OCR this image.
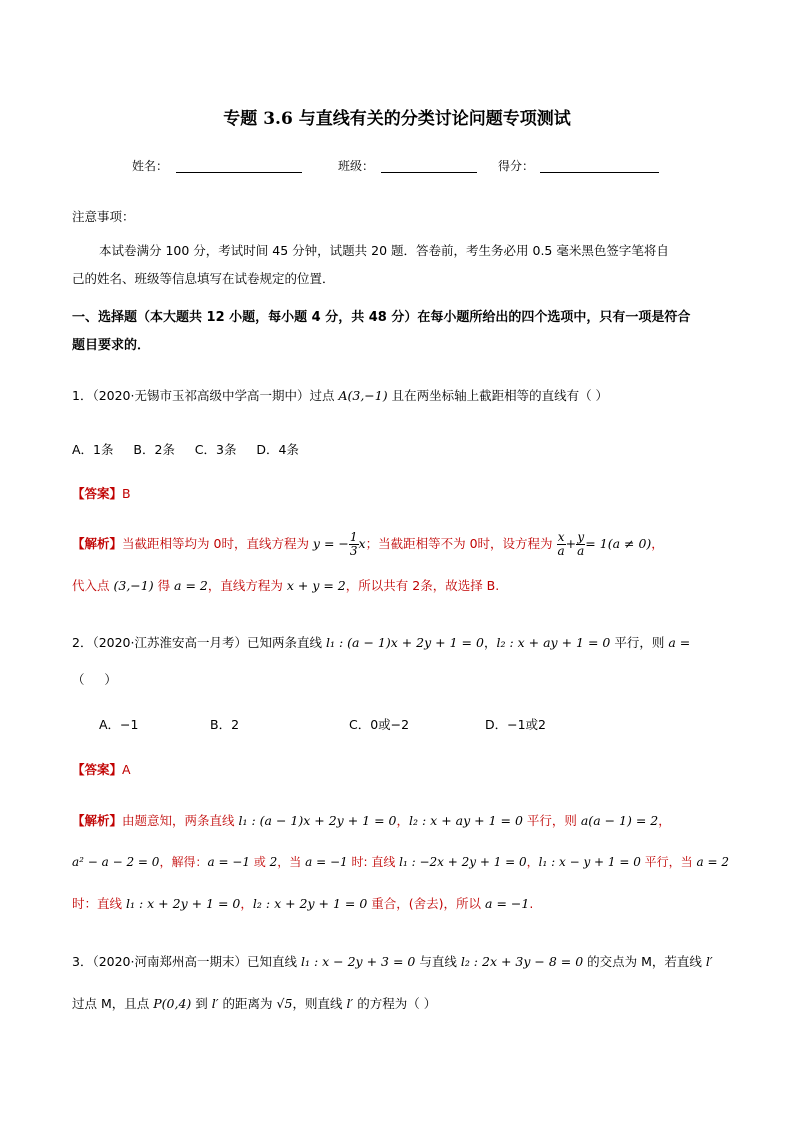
专题 3.6 与直线有关的分类讨论问题专项测试
姓名：	班级：	得分：
注意事项：
本试卷满分 100 分，考试时间 45 分钟，试题共 20 题．答卷前，考生务必用 0.5 毫米黑色签字笔将自
己的姓名、班级等信息填写在试卷规定的位置．
一、选择题（本大题共 12 小题，每小题 4 分，共 48 分）在每小题所给出的四个选项中，只有一项是符合
题目要求的．
1．（2020·无锡市玉祁高级中学高一期中）过点 A(3,−1) 且在两坐标轴上截距相等的直线有（ ）
A．1条     B．2条     C．3条     D．4条
【答案】B
【解析】当截距相等均为 0时，直线方程为 y = − $\frac{1}{3}$ x；当截距相等不为 0时，设方程为 $\frac{x}{a} + \frac{y}{a} = 1(a \ne 0)$，
代入点 (3,−1) 得 a = 2，直线方程为 x + y = 2，所以共有 2条，故选择 B.
2．（2020·江苏淮安高一月考）已知两条直线 l₁ : (a − 1)x + 2y + 1 = 0，l₂ : x + ay + 1 = 0 平行，则 a =
（     ）
A．−1	B．2	C．0或−2	D．−1或2
【答案】A
【解析】由题意知，两条直线 l₁ : (a − 1)x + 2y + 1 = 0，l₂ : x + ay + 1 = 0 平行，则 a(a − 1) = 2，
a² − a − 2 = 0，解得：a = −1 或 2，当 a = −1 时: 直线 l₁ : −2x + 2y + 1 = 0，l₁ : x − y + 1 = 0 平行，当 a = 2
时：直线 l₁ : x + 2y + 1 = 0，l₂ : x + 2y + 1 = 0 重合，(舍去)，所以 a = −1.
3．（2020·河南郑州高一期末）已知直线 l₁ : x − 2y + 3 = 0 与直线 l₂ : 2x + 3y − 8 = 0 的交点为 M，若直线 l′
过点 M，且点 P(0,4) 到 l′ 的距离为 √5，则直线 l′ 的方程为（ ）
